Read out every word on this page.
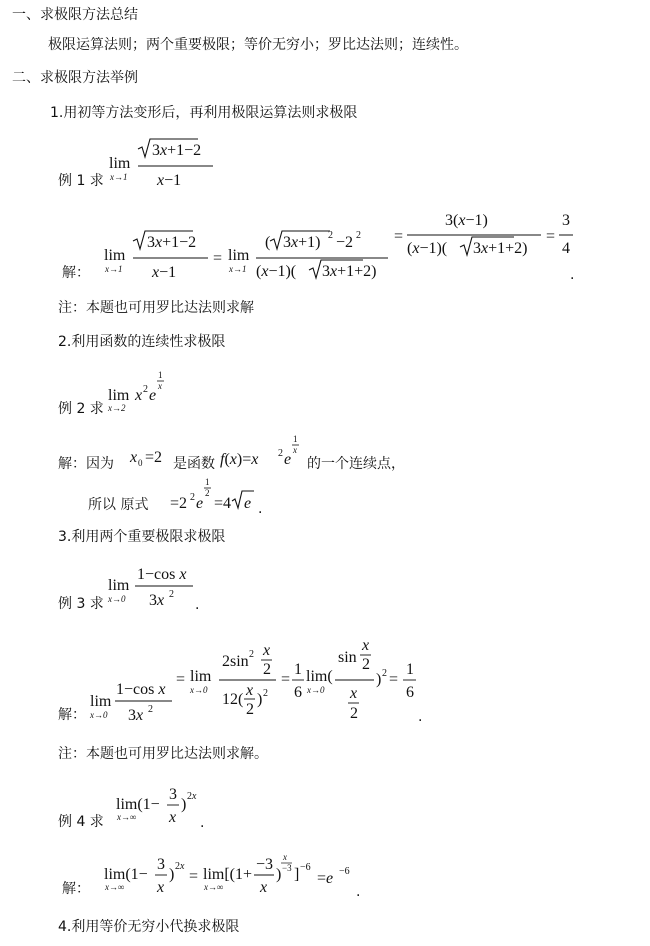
一、求极限方法总结
极限运算法则；两个重要极限；等价无穷小；罗比达法则；连续性。
二、求极限方法举例
1.用初等方法变形后，再利用极限运算法则求极限
例 1 求
lim
x→1
3x+1−2
x−1
解：
lim
x→1
3x+1−2
x−1
= lim
x→1
( 3x+1) 2 −2 2
(x−1)( 3x+1+2)
=
3(x−1)
(x−1)( 3x+1+2)
=
3
4
.
注：本题也可用罗比达法则求解
2.利用函数的连续性求极限
例 2 求
lim
x→2
x 2 e
1
x
解：因为 x 0 =2 是函数 f(x)=x 2 e
1
x
的一个连续点，
所以 原式 =2 2 e
1
2
=4 e .
3.利用两个重要极限求极限
例 3 求
lim
x→0
1−cos x
3x 2
.
解：
lim
x→0
1−cos x
3x 2
= lim
x→0
2sin 2 x
2
12(
x
2
) 2
=
1
6
lim(
x→0
sin
x
2
x
2
) 2 =
1
6
.
注：本题也可用罗比达法则求解。
例 4 求
lim(1−
x→∞
3
x
) 2x
.
解：
lim(1−
x→∞
3
x
) 2x
= lim[(1+
x→∞
−3
x
)
x
−3 ] −6
=e −6
.
4.利用等价无穷小代换求极限
